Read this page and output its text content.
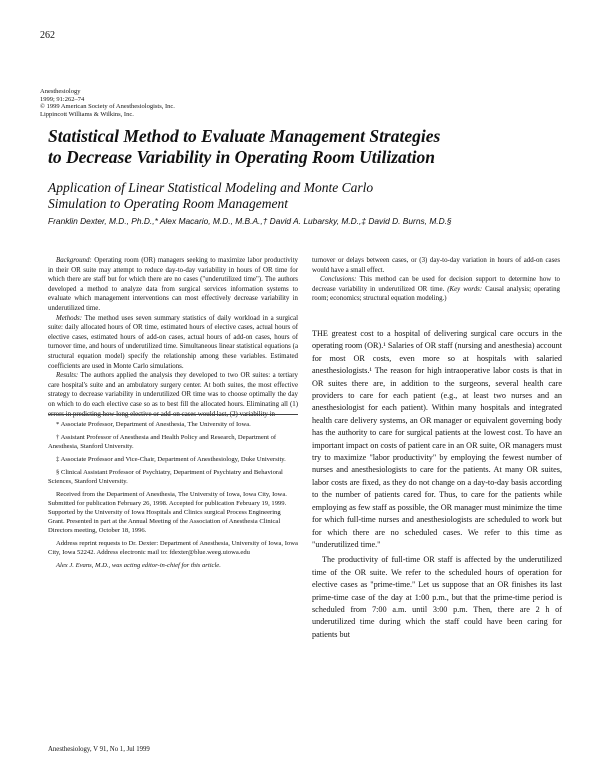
262
Anesthesiology
1999; 91:262–74
© 1999 American Society of Anesthesiologists, Inc.
Lippincott Williams & Wilkins, Inc.
Statistical Method to Evaluate Management Strategies
to Decrease Variability in Operating Room Utilization
Application of Linear Statistical Modeling and Monte Carlo
Simulation to Operating Room Management
Franklin Dexter, M.D., Ph.D.,* Alex Macario, M.D., M.B.A.,† David A. Lubarsky, M.D.,‡ David D. Burns, M.D.§

Background: Operating room (OR) managers seeking to maximize labor productivity in their OR suite may attempt to reduce day-to-day variability in hours of OR time for which there are staff but for which there are no cases ("underutilized time"). The authors developed a method to analyze data from surgical services information systems to evaluate which management interventions can most effectively decrease variability in underutilized time.

Methods: The method uses seven summary statistics of daily workload in a surgical suite: daily allocated hours of OR time, estimated hours of elective cases, actual hours of elective cases, estimated hours of add-on cases, actual hours of add-on cases, hours of turnover time, and hours of underutilized time. Simultaneous linear statistical equations (a structural equation model) specify the relationship among these variables. Estimated coefficients are used in Monte Carlo simulations.

Results: The authors applied the analysis they developed to two OR suites: a tertiary care hospital's suite and an ambulatory surgery center. At both suites, the most effective strategy to decrease variability in underutilized OR time was to choose optimally the day on which to do each elective case so as to best fill the allocated hours. Eliminating all (1) errors in predicting how long elective or add-on cases would last, (2) variability in

turnover or delays between cases, or (3) day-to-day variation in hours of add-on cases would have a small effect.

Conclusions: This method can be used for decision support to determine how to decrease variability in underutilized OR time. (Key words: Causal analysis; operating room; economics; structural equation modeling.)

* Associate Professor, Department of Anesthesia, The University of Iowa.

† Assistant Professor of Anesthesia and Health Policy and Research, Department of Anesthesia, Stanford University.

‡ Associate Professor and Vice-Chair, Department of Anesthesiology, Duke University.

§ Clinical Assistant Professor of Psychiatry, Department of Psychiatry and Behavioral Sciences, Stanford University.

Received from the Department of Anesthesia, The University of Iowa, Iowa City, Iowa. Submitted for publication February 26, 1998. Accepted for publication February 19, 1999. Supported by the University of Iowa Hospitals and Clinics surgical Process Engineering Grant. Presented in part at the Annual Meeting of the Association of Anesthesia Clinical Directors meeting, October 18, 1996.

Address reprint requests to Dr. Dexter: Department of Anesthesia, University of Iowa, Iowa City, Iowa 52242. Address electronic mail to: fdexter@blue.weeg.uiowa.edu

Alex J. Evans, M.D., was acting editor-in-chief for this article.

THE greatest cost to a hospital of delivering surgical care occurs in the operating room (OR).¹ Salaries of OR staff (nursing and anesthesia) account for most OR costs, even more so at hospitals with salaried anesthesiologists.¹ The reason for high intraoperative labor costs is that in OR suites there are, in addition to the surgeons, several health care providers to care for each patient (e.g., at least two nurses and an anesthesiologist for each patient). Within many hospitals and integrated health care delivery systems, an OR manager or equivalent governing body has the authority to care for surgical patients at the lowest cost. To have an important impact on costs of patient care in an OR suite, OR managers must try to maximize "labor productivity" by employing the fewest number of nurses and anesthesiologists to care for the patients. At many OR suites, labor costs are fixed, as they do not change on a day-to-day basis according to the number of patients cared for. Thus, to care for the patients while employing as few staff as possible, the OR manager must minimize the time for which full-time nurses and anesthesiologists are scheduled to work but for which there are no scheduled cases. We refer to this time as "underutilized time."

The productivity of full-time OR staff is affected by the underutilized time of the OR suite. We refer to the scheduled hours of operation for elective cases as "prime-time." Let us suppose that an OR finishes its last prime-time case of the day at 1:00 p.m., but that the prime-time period is scheduled from 7:00 a.m. until 3:00 p.m. Then, there are 2 h of underutilized time during which the staff could have been caring for patients but

Anesthesiology, V 91, No 1, Jul 1999
